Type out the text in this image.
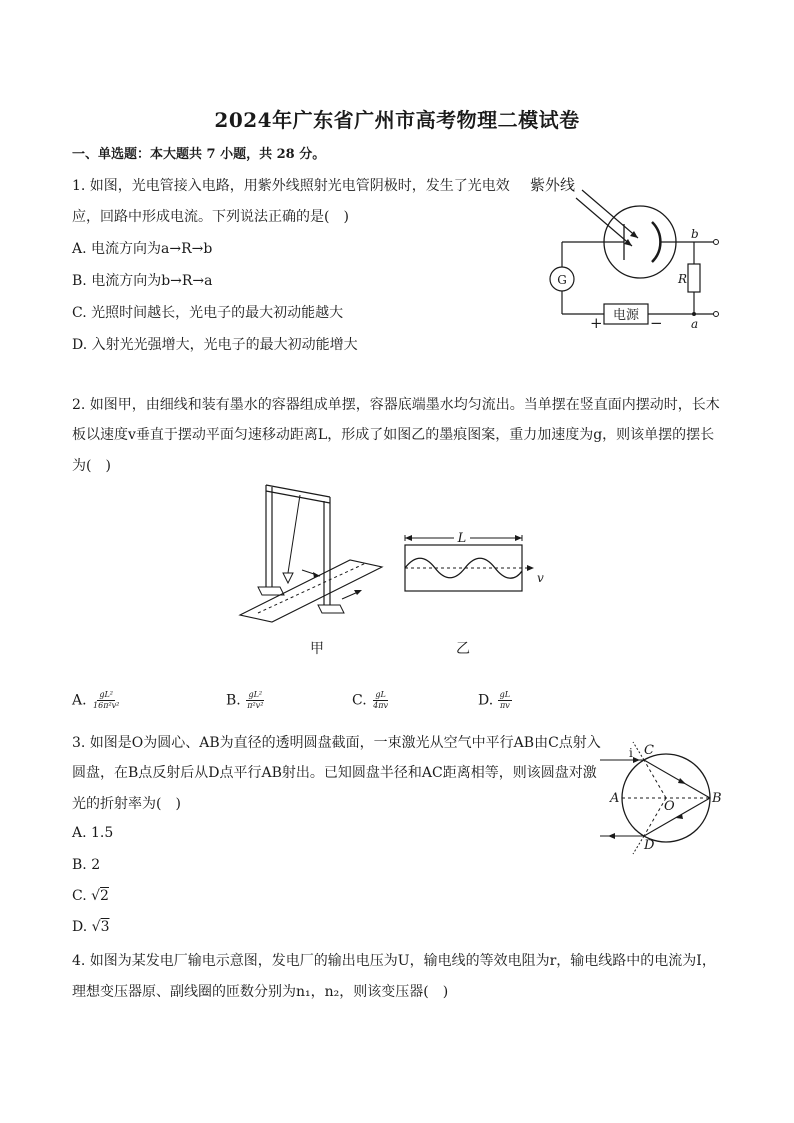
2024年广东省广州市高考物理二模试卷
一、单选题：本大题共 7 小题，共 28 分。
1. 如图，光电管接入电路，用紫外线照射光电管阴极时，发生了光电效
应，回路中形成电流。下列说法正确的是(　)
A. 电流方向为a→R→b
B. 电流方向为b→R→a
C. 光照时间越长，光电子的最大初动能越大
D. 入射光光强增大，光电子的最大初动能增大
紫外线
b
G
+ 电源 −
R
a
2. 如图甲，由细线和装有墨水的容器组成单摆，容器底端墨水均匀流出。当单摆在竖直面内摆动时，长木
板以速度v垂直于摆动平面匀速移动距离L，形成了如图乙的墨痕图案，重力加速度为g，则该单摆的摆长
为(　)
甲
L
v
乙
A. $\frac{\text{gL²}}{\text{16π²v²}}$	B. $\frac{\text{gL²}}{\text{π²v²}}$	C. $\frac{gL}{4\pi v}$	D. $\frac{gL}{\pi v}$
3. 如图是O为圆心、AB为直径的透明圆盘截面，一束激光从空气中平行AB由C点射入
圆盘，在B点反射后从D点平行AB射出。已知圆盘半径和AC距离相等，则该圆盘对激
光的折射率为(　)
A. 1.5
B. 2
C. √2
D. √3
i C
D
A	B
O
4. 如图为某发电厂输电示意图，发电厂的输出电压为U，输电线的等效电阻为r，输电线路中的电流为I，
理想变压器原、副线圈的匝数分别为n₁，n₂，则该变压器(　)
